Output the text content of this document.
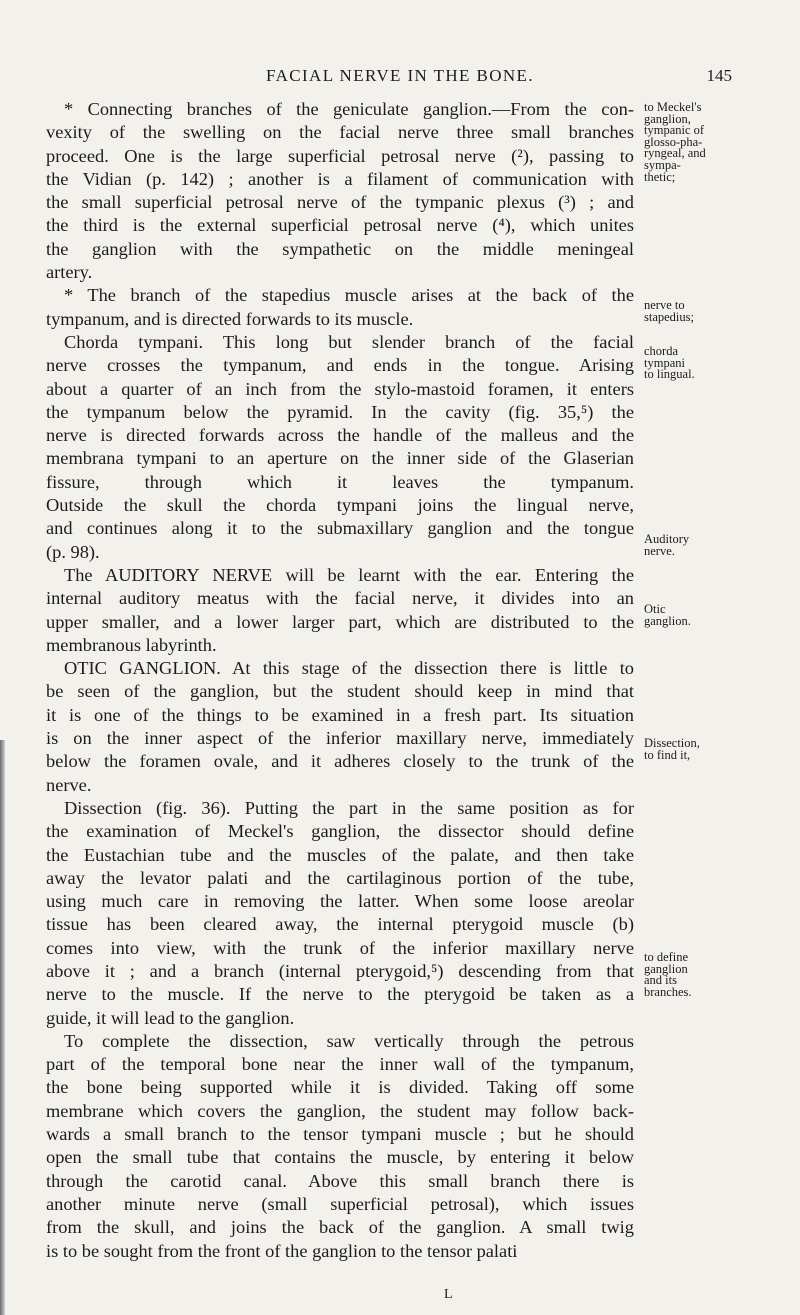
FACIAL NERVE IN THE BONE.	145
* Connecting branches of the geniculate ganglion.—From the con-
vexity of the swelling on the facial nerve three small branches
proceed. One is the large superficial petrosal nerve (²), passing to
the Vidian (p. 142) ; another is a filament of communication with
the small superficial petrosal nerve of the tympanic plexus (³) ; and
the third is the external superficial petrosal nerve (⁴), which unites
the ganglion with the sympathetic on the middle meningeal
artery.
* The branch of the stapedius muscle arises at the back of the
tympanum, and is directed forwards to its muscle.
Chorda tympani. This long but slender branch of the facial
nerve crosses the tympanum, and ends in the tongue. Arising
about a quarter of an inch from the stylo-mastoid foramen, it enters
the tympanum below the pyramid. In the cavity (fig. 35,⁵) the
nerve is directed forwards across the handle of the malleus and the
membrana tympani to an aperture on the inner side of the Glaserian
fissure, through which it leaves the tympanum.
Outside the skull the chorda tympani joins the lingual nerve,
and continues along it to the submaxillary ganglion and the tongue
(p. 98).
The AUDITORY NERVE will be learnt with the ear. Entering the
internal auditory meatus with the facial nerve, it divides into an
upper smaller, and a lower larger part, which are distributed to the
membranous labyrinth.
OTIC GANGLION. At this stage of the dissection there is little to
be seen of the ganglion, but the student should keep in mind that
it is one of the things to be examined in a fresh part. Its situation
is on the inner aspect of the inferior maxillary nerve, immediately
below the foramen ovale, and it adheres closely to the trunk of the
nerve.
Dissection (fig. 36). Putting the part in the same position as for
the examination of Meckel's ganglion, the dissector should define
the Eustachian tube and the muscles of the palate, and then take
away the levator palati and the cartilaginous portion of the tube,
using much care in removing the latter. When some loose areolar
tissue has been cleared away, the internal pterygoid muscle (b)
comes into view, with the trunk of the inferior maxillary nerve
above it ; and a branch (internal pterygoid,⁵) descending from that
nerve to the muscle. If the nerve to the pterygoid be taken as a
guide, it will lead to the ganglion.
To complete the dissection, saw vertically through the petrous
part of the temporal bone near the inner wall of the tympanum,
the bone being supported while it is divided. Taking off some
membrane which covers the ganglion, the student may follow back-
wards a small branch to the tensor tympani muscle ; but he should
open the small tube that contains the muscle, by entering it below
through the carotid canal. Above this small branch there is
another minute nerve (small superficial petrosal), which issues
from the skull, and joins the back of the ganglion. A small twig
is to be sought from the front of the ganglion to the tensor palati
to Meckel's
ganglion,
tympanic of
glosso-pha-
ryngeal, and
sympa-
thetic;
nerve to
stapedius;
chorda
tympani
to lingual.
Auditory
nerve.
Otic
ganglion.
Dissection,
to find it,
to define
ganglion
and its
branches.
L
